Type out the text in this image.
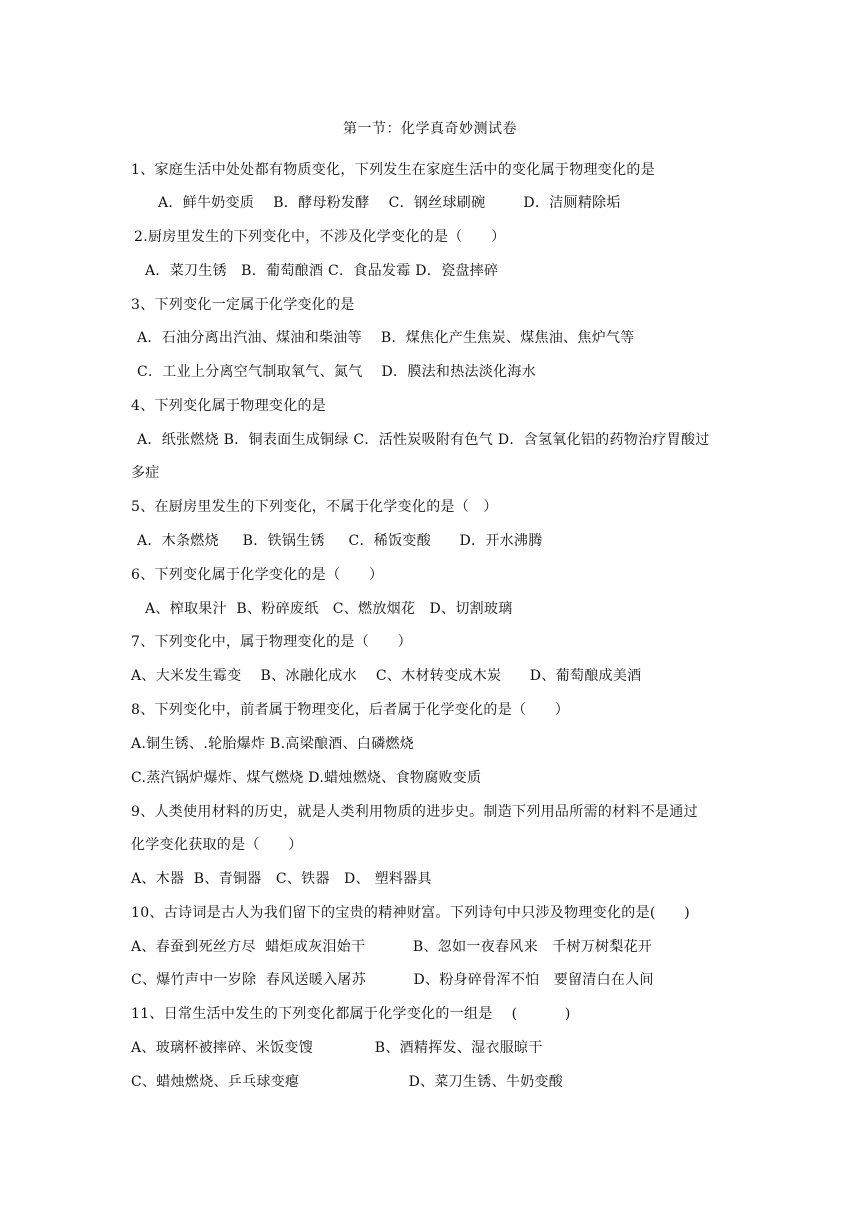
第一节：化学真奇妙测试卷
1、家庭生活中处处都有物质变化，下列发生在家庭生活中的变化属于物理变化的是
A．鲜牛奶变质    B．酵母粉发酵    C．钢丝球刷碗        D．洁厕精除垢
2.厨房里发生的下列变化中，不涉及化学变化的是（　　）
A．菜刀生锈   B．葡萄酿酒 C．食品发霉 D．瓷盘摔碎
3、下列变化一定属于化学变化的是
A．石油分离出汽油、煤油和柴油等    B．煤焦化产生焦炭、煤焦油、焦炉气等
C．工业上分离空气制取氧气、氮气    D．膜法和热法淡化海水
4、下列变化属于物理变化的是
A．纸张燃烧 B．铜表面生成铜绿 C．活性炭吸附有色气 D．含氢氧化铝的药物治疗胃酸过
多症
5、在厨房里发生的下列变化，不属于化学变化的是（　）
A．木条燃烧     B．铁锅生锈     C．稀饭变酸      D．开水沸腾
6、下列变化属于化学变化的是（　　）
A、榨取果汁  B、粉碎废纸   C、燃放烟花   D、切割玻璃
7、下列变化中，属于物理变化的是（　　）
A、大米发生霉变    B、冰融化成水    C、木材转变成木炭      D、葡萄酿成美酒
8、下列变化中，前者属于物理变化，后者属于化学变化的是（　　）
A.铜生锈、.轮胎爆炸 B.高梁酿酒、白磷燃烧
C.蒸汽锅炉爆炸、煤气燃烧 D.蜡烛燃烧、食物腐败变质
9、人类使用材料的历史，就是人类利用物质的进步史。制造下列用品所需的材料不是通过
化学变化获取的是（　　）
A、木器  B、青铜器   C、铁器   D、 塑料器具
10、古诗词是古人为我们留下的宝贵的精神财富。下列诗句中只涉及物理变化的是(　　)
A、春蚕到死丝方尽  蜡炬成灰泪始干          B、忽如一夜春风来   千树万树梨花开
C、爆竹声中一岁除  春风送暖入屠苏          D、粉身碎骨浑不怕   要留清白在人间
11、日常生活中发生的下列变化都属于化学变化的一组是    (          )
A、玻璃杯被摔碎、米饭变馊             B、酒精挥发、湿衣服晾干
C、蜡烛燃烧、乒乓球变瘪                       D、菜刀生锈、牛奶变酸
